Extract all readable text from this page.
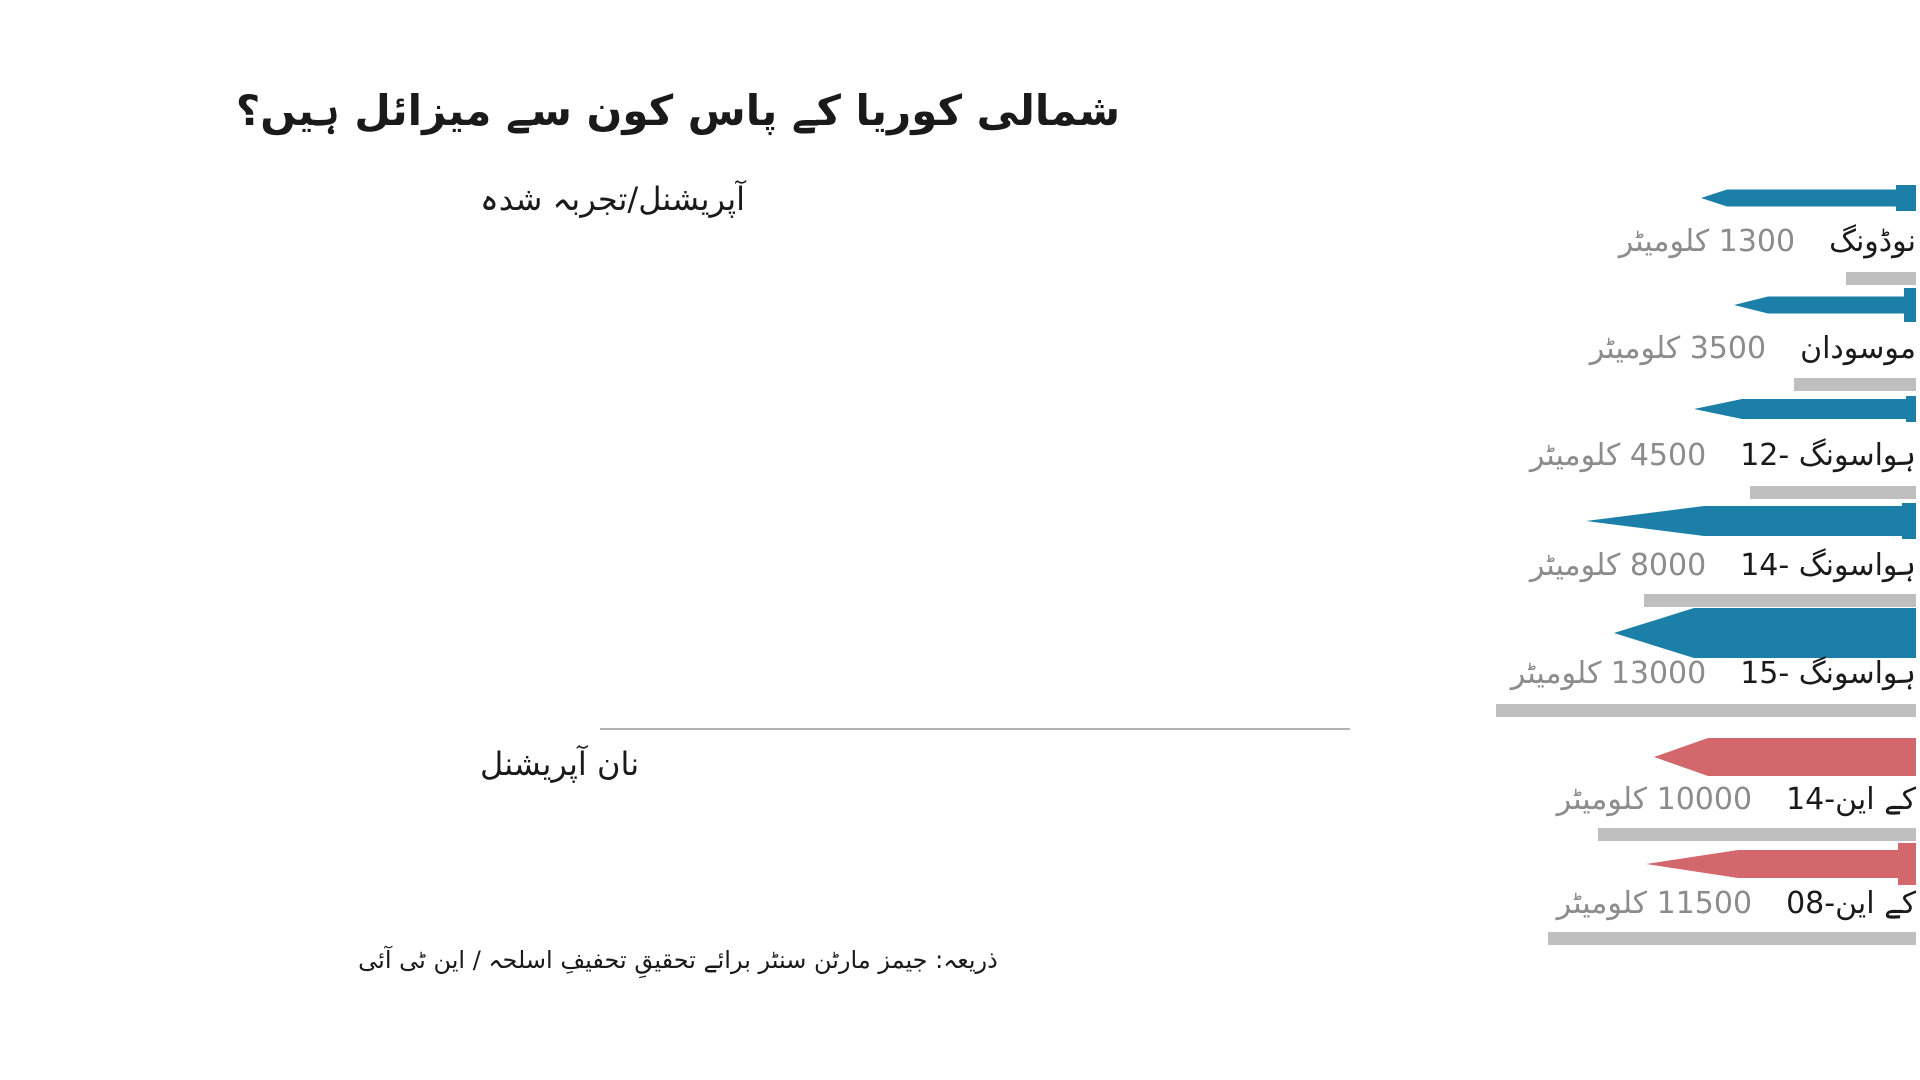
شمالی کوریا کے پاس کون سے میزائل ہیں؟
آپریشنل/تجربہ شدہ
نان آپریشنل
نوڈونگ1300 کلومیٹر
موسودان3500 کلومیٹر
ہواسونگ -124500 کلومیٹر
ہواسونگ -148000 کلومیٹر
ہواسونگ -1513000 کلومیٹر
کے این-1410000 کلومیٹر
کے این-0811500 کلومیٹر
ذریعہ: جیمز مارٹن سنٹر برائے تحقیقِ تحفیفِ اسلحہ / این ٹی آئی
